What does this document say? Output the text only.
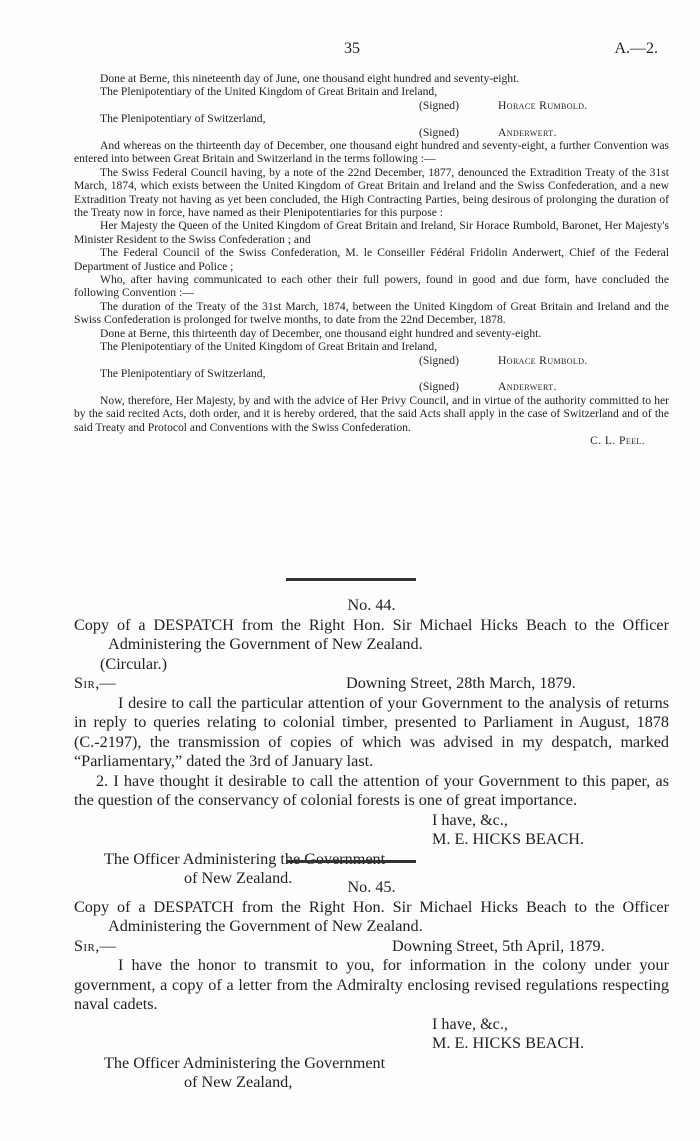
35	A.—2.

Done at Berne, this nineteenth day of June, one thousand eight hundred and seventy-eight.

The Plenipotentiary of the United Kingdom of Great Britain and Ireland,

(Signed)	Horace Rumbold.

The Plenipotentiary of Switzerland,

(Signed)	Anderwert.

And whereas on the thirteenth day of December, one thousand eight hundred and seventy-eight, a further Convention was entered into between Great Britain and Switzerland in the terms following :—

The Swiss Federal Council having, by a note of the 22nd December, 1877, denounced the Extradition Treaty of the 31st March, 1874, which exists between the United Kingdom of Great Britain and Ireland and the Swiss Confederation, and a new Extradition Treaty not having as yet been concluded, the High Contracting Parties, being desirous of prolonging the duration of the Treaty now in force, have named as their Plenipotentiaries for this purpose :

Her Majesty the Queen of the United Kingdom of Great Britain and Ireland, Sir Horace Rumbold, Baronet, Her Majesty's Minister Resident to the Swiss Confederation ; and

The Federal Council of the Swiss Confederation, M. le Conseiller Fédéral Fridolin Anderwert, Chief of the Federal Department of Justice and Police ;

Who, after having communicated to each other their full powers, found in good and due form, have concluded the following Convention :—

The duration of the Treaty of the 31st March, 1874, between the United Kingdom of Great Britain and Ireland and the Swiss Confederation is prolonged for twelve months, to date from the 22nd December, 1878.

Done at Berne, this thirteenth day of December, one thousand eight hundred and seventy-eight.

The Plenipotentiary of the United Kingdom of Great Britain and Ireland,

(Signed)	Horace Rumbold.

The Plenipotentiary of Switzerland,

(Signed)	Anderwert.

Now, therefore, Her Majesty, by and with the advice of Her Privy Council, and in virtue of the authority committed to her by the said recited Acts, doth order, and it is hereby ordered, that the said Acts shall apply in the case of Switzerland and of the said Treaty and Protocol and Conventions with the Swiss Confederation.

C. L. Peel.

No. 44.

Copy of a DESPATCH from the Right Hon. Sir Michael Hicks Beach to the Officer Administering the Government of New Zealand.

(Circular.)

Sir,—	Downing Street, 28th March, 1879.

I desire to call the particular attention of your Government to the analysis of returns in reply to queries relating to colonial timber, presented to Parliament in August, 1878 (C.-2197), the transmission of copies of which was advised in my despatch, marked “Parliamentary,” dated the 3rd of January last.

2. I have thought it desirable to call the attention of your Government to this paper, as the question of the conservancy of colonial forests is one of great importance.

I have, &c.,
M. E. HICKS BEACH.

The Officer Administering the Government

of New Zealand.	No. 45.

Copy of a DESPATCH from the Right Hon. Sir Michael Hicks Beach to the Officer Administering the Government of New Zealand.

Sir,—	Downing Street, 5th April, 1879.

I have the honor to transmit to you, for information in the colony under your government, a copy of a letter from the Admiralty enclosing revised regulations respecting naval cadets.

I have, &c.,
M. E. HICKS BEACH.

The Officer Administering the Government

of New Zealand,
